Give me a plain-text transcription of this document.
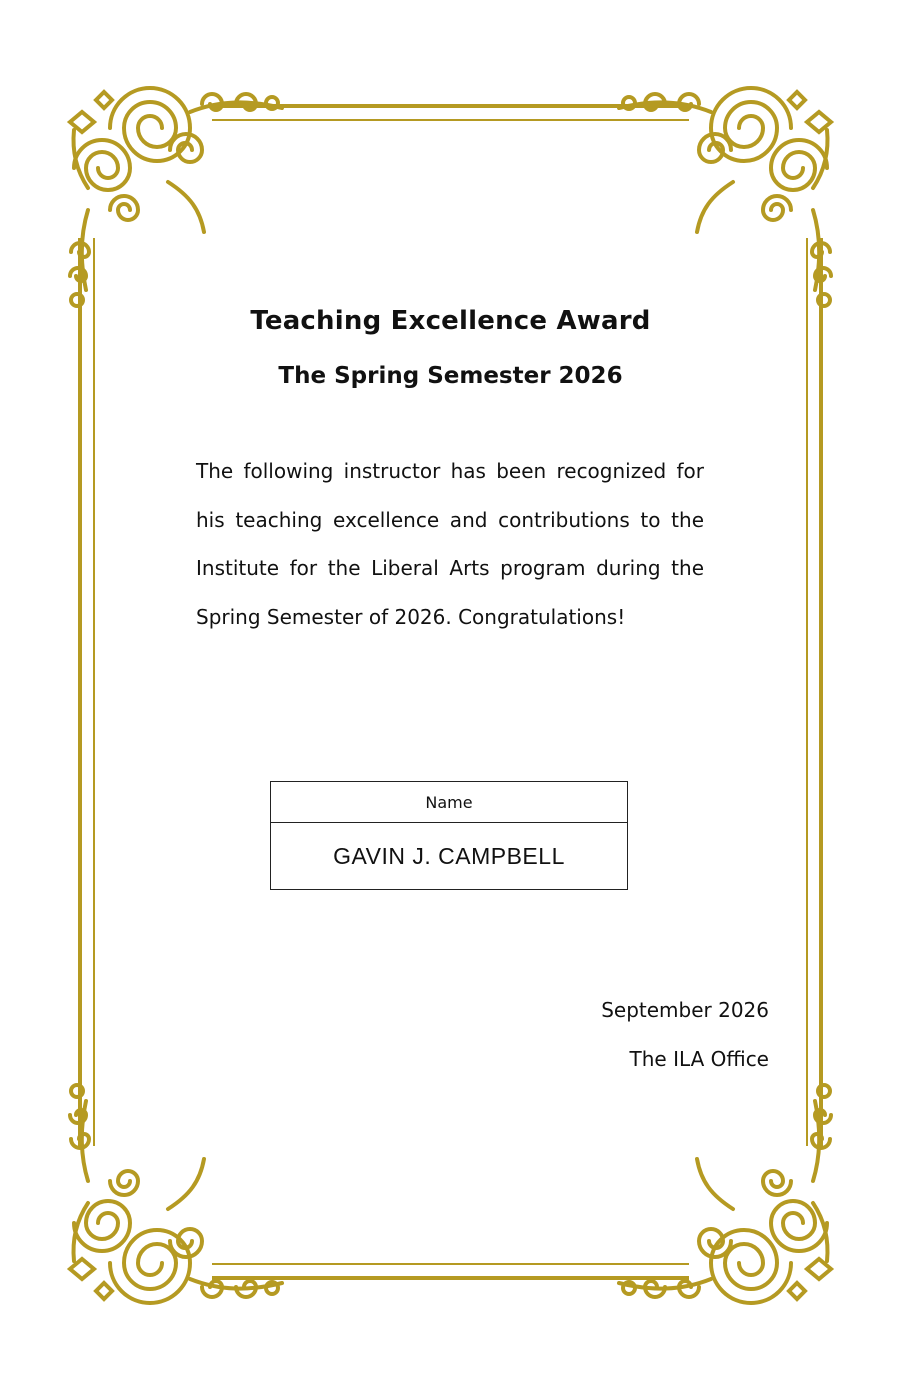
Teaching Excellence Award
The Spring Semester 2026

The following instructor has been recognized for his teaching excellence and contributions to the Institute for the Liberal Arts program during the Spring Semester of 2026. Congratulations!

Name
GAVIN J. CAMPBELL

September 2026

The ILA Office
